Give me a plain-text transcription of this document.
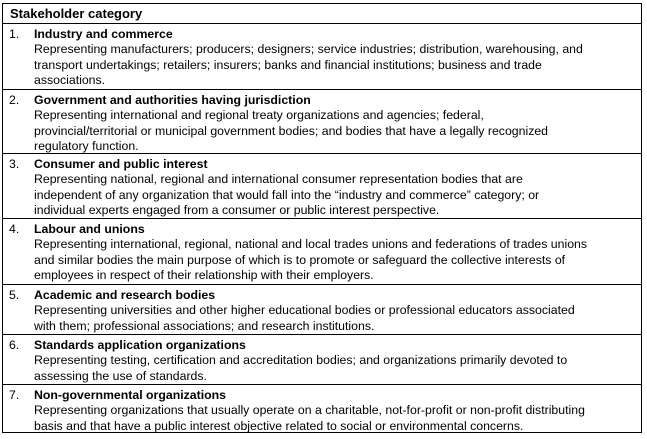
Stakeholder category
1. Industry and commerce
Representing manufacturers; producers; designers; service industries; distribution, warehousing, and
transport undertakings; retailers; insurers; banks and financial institutions; business and trade
associations.
2. Government and authorities having jurisdiction
Representing international and regional treaty organizations and agencies; federal,
provincial/territorial or municipal government bodies; and bodies that have a legally recognized
regulatory function.
3. Consumer and public interest
Representing national, regional and international consumer representation bodies that are
independent of any organization that would fall into the “industry and commerce” category; or
individual experts engaged from a consumer or public interest perspective.
4. Labour and unions
Representing international, regional, national and local trades unions and federations of trades unions
and similar bodies the main purpose of which is to promote or safeguard the collective interests of
employees in respect of their relationship with their employers.
5. Academic and research bodies
Representing universities and other higher educational bodies or professional educators associated
with them; professional associations; and research institutions.
6. Standards application organizations
Representing testing, certification and accreditation bodies; and organizations primarily devoted to
assessing the use of standards.
7. Non-governmental organizations
Representing organizations that usually operate on a charitable, not-for-profit or non-profit distributing
basis and that have a public interest objective related to social or environmental concerns.
